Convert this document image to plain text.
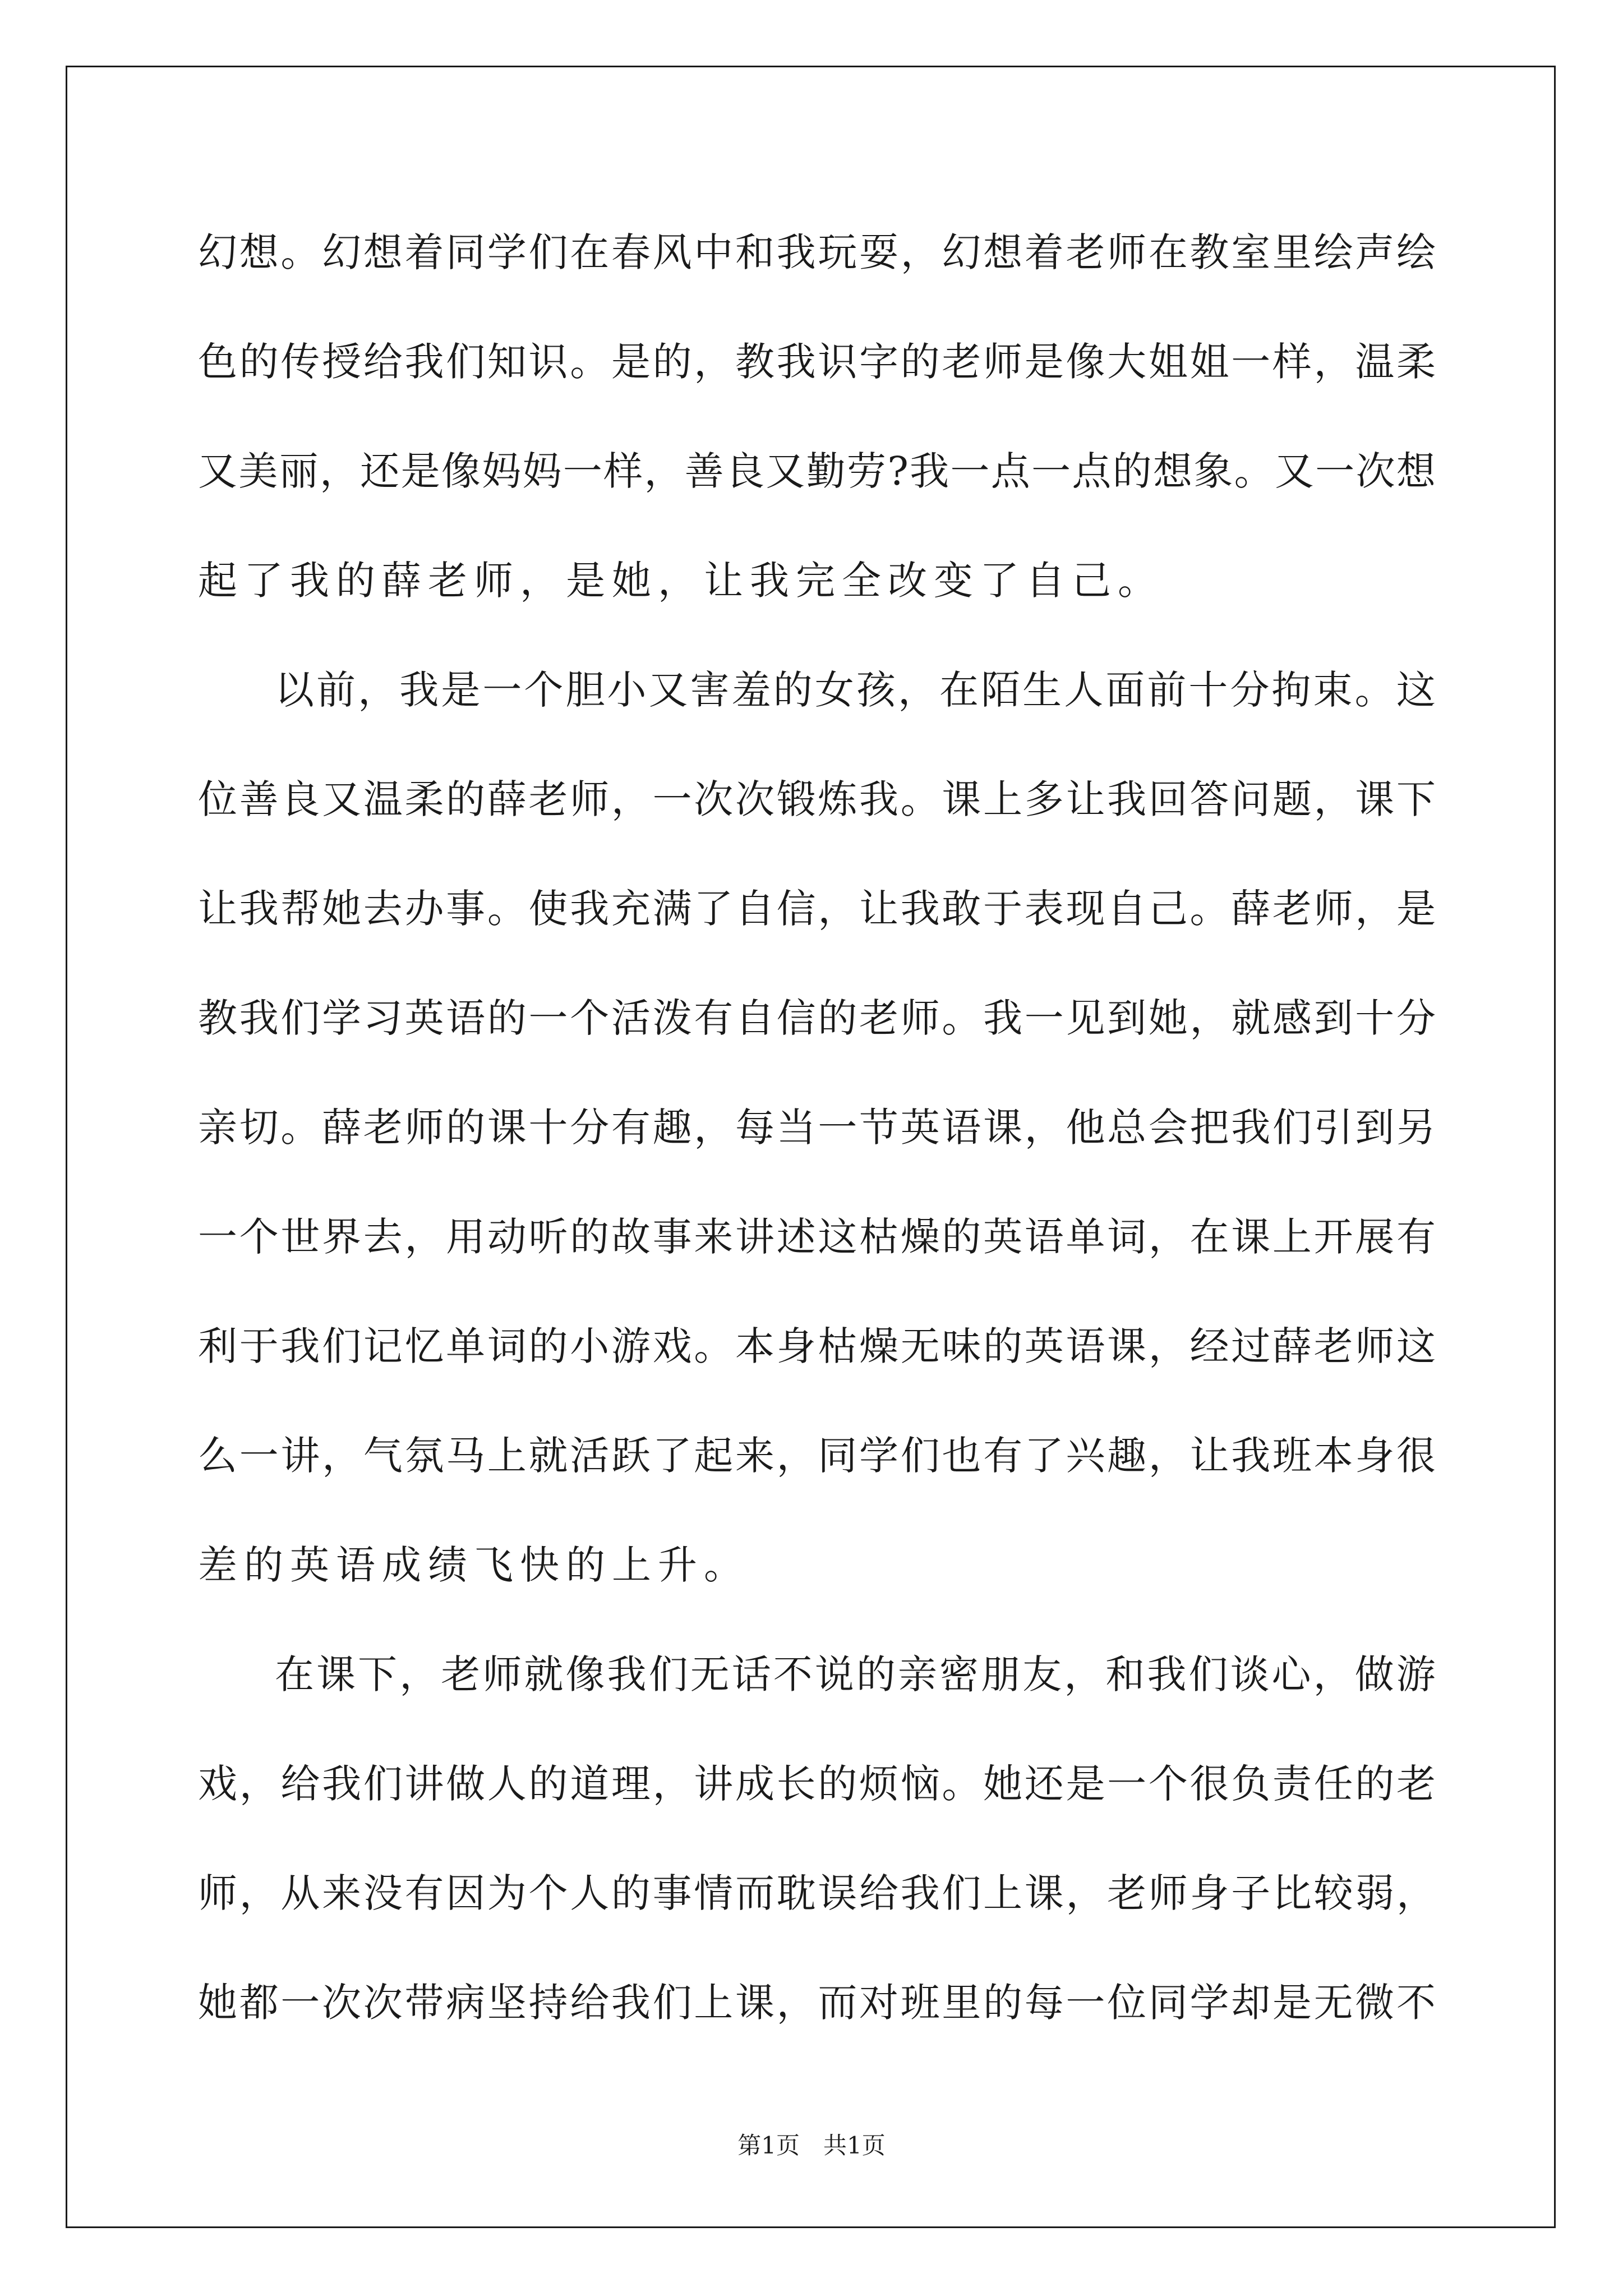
幻 想 。 幻 想 着 同 学 们 在 春 风 中 和 我 玩 耍 ， 幻 想 着 老 师 在 教 室 里 绘 声 绘
色 的 传 授 给 我 们 知 识 。 是 的 ， 教 我 识 字 的 老 师 是 像 大 姐 姐 一 样 ， 温 柔
又 美 丽 ， 还 是 像 妈 妈 一 样 ， 善 良 又 勤 劳 ? 我 一 点 一 点 的 想 象 。 又 一 次 想
起了我的薛老师，是她，让我完全改变了自己。
以 前 ， 我 是 一 个 胆 小 又 害 羞 的 女 孩 ， 在 陌 生 人 面 前 十 分 拘 束 。 这
位 善 良 又 温 柔 的 薛 老 师 ， 一 次 次 锻 炼 我 。 课 上 多 让 我 回 答 问 题 ， 课 下
让 我 帮 她 去 办 事 。 使 我 充 满 了 自 信 ， 让 我 敢 于 表 现 自 己 。 薛 老 师 ， 是
教 我 们 学 习 英 语 的 一 个 活 泼 有 自 信 的 老 师 。 我 一 见 到 她 ， 就 感 到 十 分
亲 切 。 薛 老 师 的 课 十 分 有 趣 ， 每 当 一 节 英 语 课 ， 他 总 会 把 我 们 引 到 另
一 个 世 界 去 ， 用 动 听 的 故 事 来 讲 述 这 枯 燥 的 英 语 单 词 ， 在 课 上 开 展 有
利 于 我 们 记 忆 单 词 的 小 游 戏 。 本 身 枯 燥 无 味 的 英 语 课 ， 经 过 薛 老 师 这
么 一 讲 ， 气 氛 马 上 就 活 跃 了 起 来 ， 同 学 们 也 有 了 兴 趣 ， 让 我 班 本 身 很
差的英语成绩飞快的上升。
在 课 下 ， 老 师 就 像 我 们 无 话 不 说 的 亲 密 朋 友 ， 和 我 们 谈 心 ， 做 游
戏 ， 给 我 们 讲 做 人 的 道 理 ， 讲 成 长 的 烦 恼 。 她 还 是 一 个 很 负 责 任 的 老
师 ， 从 来 没 有 因 为 个 人 的 事 情 而 耽 误 给 我 们 上 课 ， 老 师 身 子 比 较 弱 ，
她 都 一 次 次 带 病 坚 持 给 我 们 上 课 ， 而 对 班 里 的 每 一 位 同 学 却 是 无 微 不
第1页　共1页
